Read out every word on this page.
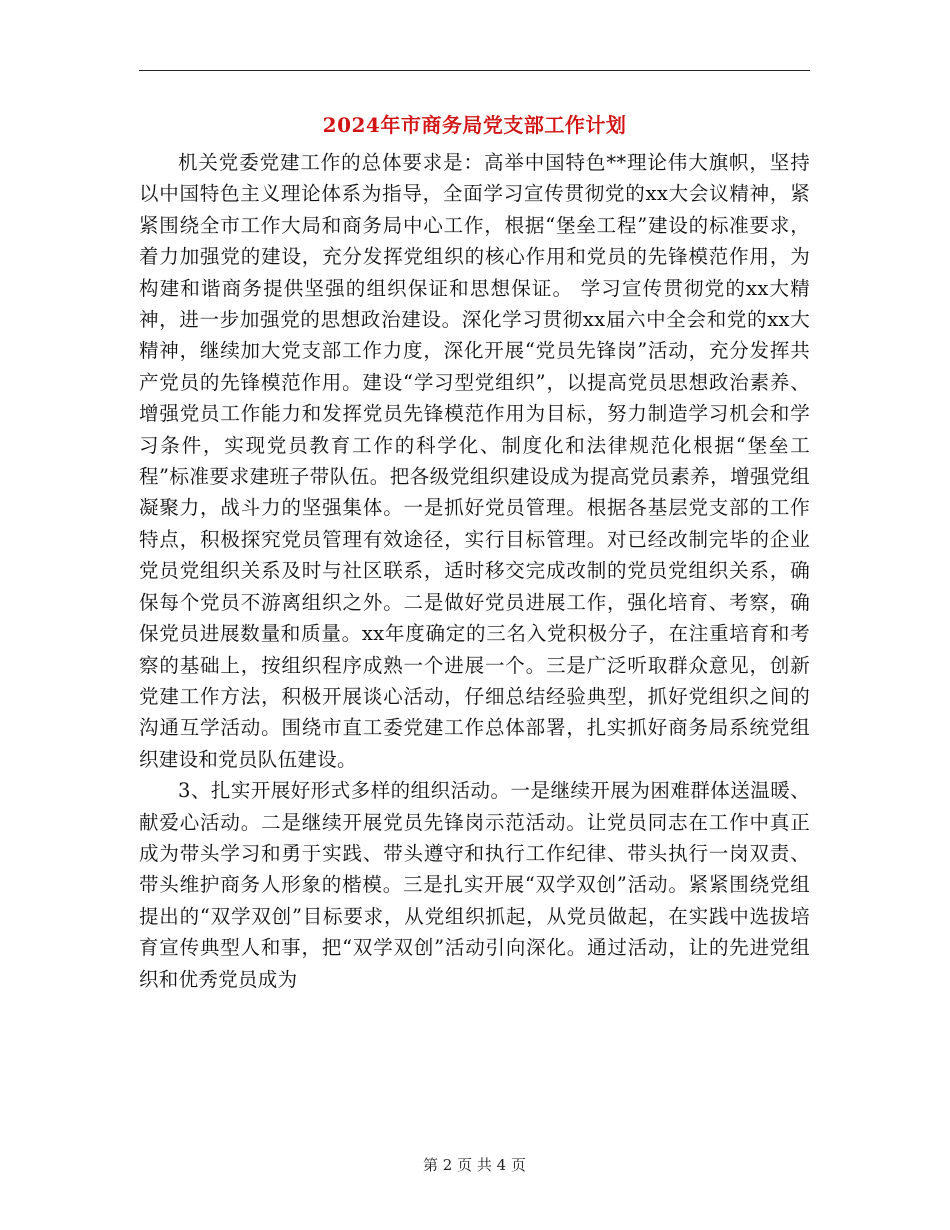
2024年市商务局党支部工作计划

机关党委党建工作的总体要求是：高举中国特色**理论伟大旗帜，坚持以中国特色主义理论体系为指导，全面学习宣传贯彻党的xx大会议精神，紧紧围绕全市工作大局和商务局中心工作，根据“堡垒工程”建设的标准要求，着力加强党的建设，充分发挥党组织的核心作用和党员的先锋模范作用，为构建和谐商务提供坚强的组织保证和思想保证。 学习宣传贯彻党的xx大精神，进一步加强党的思想政治建设。深化学习贯彻xx届六中全会和党的xx大精神，继续加大党支部工作力度，深化开展“党员先锋岗”活动，充分发挥共产党员的先锋模范作用。建设“学习型党组织”，以提高党员思想政治素养、增强党员工作能力和发挥党员先锋模范作用为目标，努力制造学习机会和学习条件，实现党员教育工作的科学化、制度化和法律规范化根据“堡垒工程”标准要求建班子带队伍。把各级党组织建设成为提高党员素养，增强党组凝聚力，战斗力的坚强集体。一是抓好党员管理。根据各基层党支部的工作特点，积极探究党员管理有效途径，实行目标管理。对已经改制完毕的企业党员党组织关系及时与社区联系，适时移交完成改制的党员党组织关系，确保每个党员不游离组织之外。二是做好党员进展工作，强化培育、考察，确保党员进展数量和质量。xx年度确定的三名入党积极分子，在注重培育和考察的基础上，按组织程序成熟一个进展一个。三是广泛听取群众意见，创新党建工作方法，积极开展谈心活动，仔细总结经验典型，抓好党组织之间的沟通互学活动。围绕市直工委党建工作总体部署，扎实抓好商务局系统党组织建设和党员队伍建设。

3、扎实开展好形式多样的组织活动。一是继续开展为困难群体送温暖、献爱心活动。二是继续开展党员先锋岗示范活动。让党员同志在工作中真正成为带头学习和勇于实践、带头遵守和执行工作纪律、带头执行一岗双责、带头维护商务人形象的楷模。三是扎实开展“双学双创”活动。紧紧围绕党组提出的“双学双创”目标要求，从党组织抓起，从党员做起，在实践中选拔培育宣传典型人和事，把“双学双创”活动引向深化。通过活动，让的先进党组织和优秀党员成为

第 2 页 共 4 页
